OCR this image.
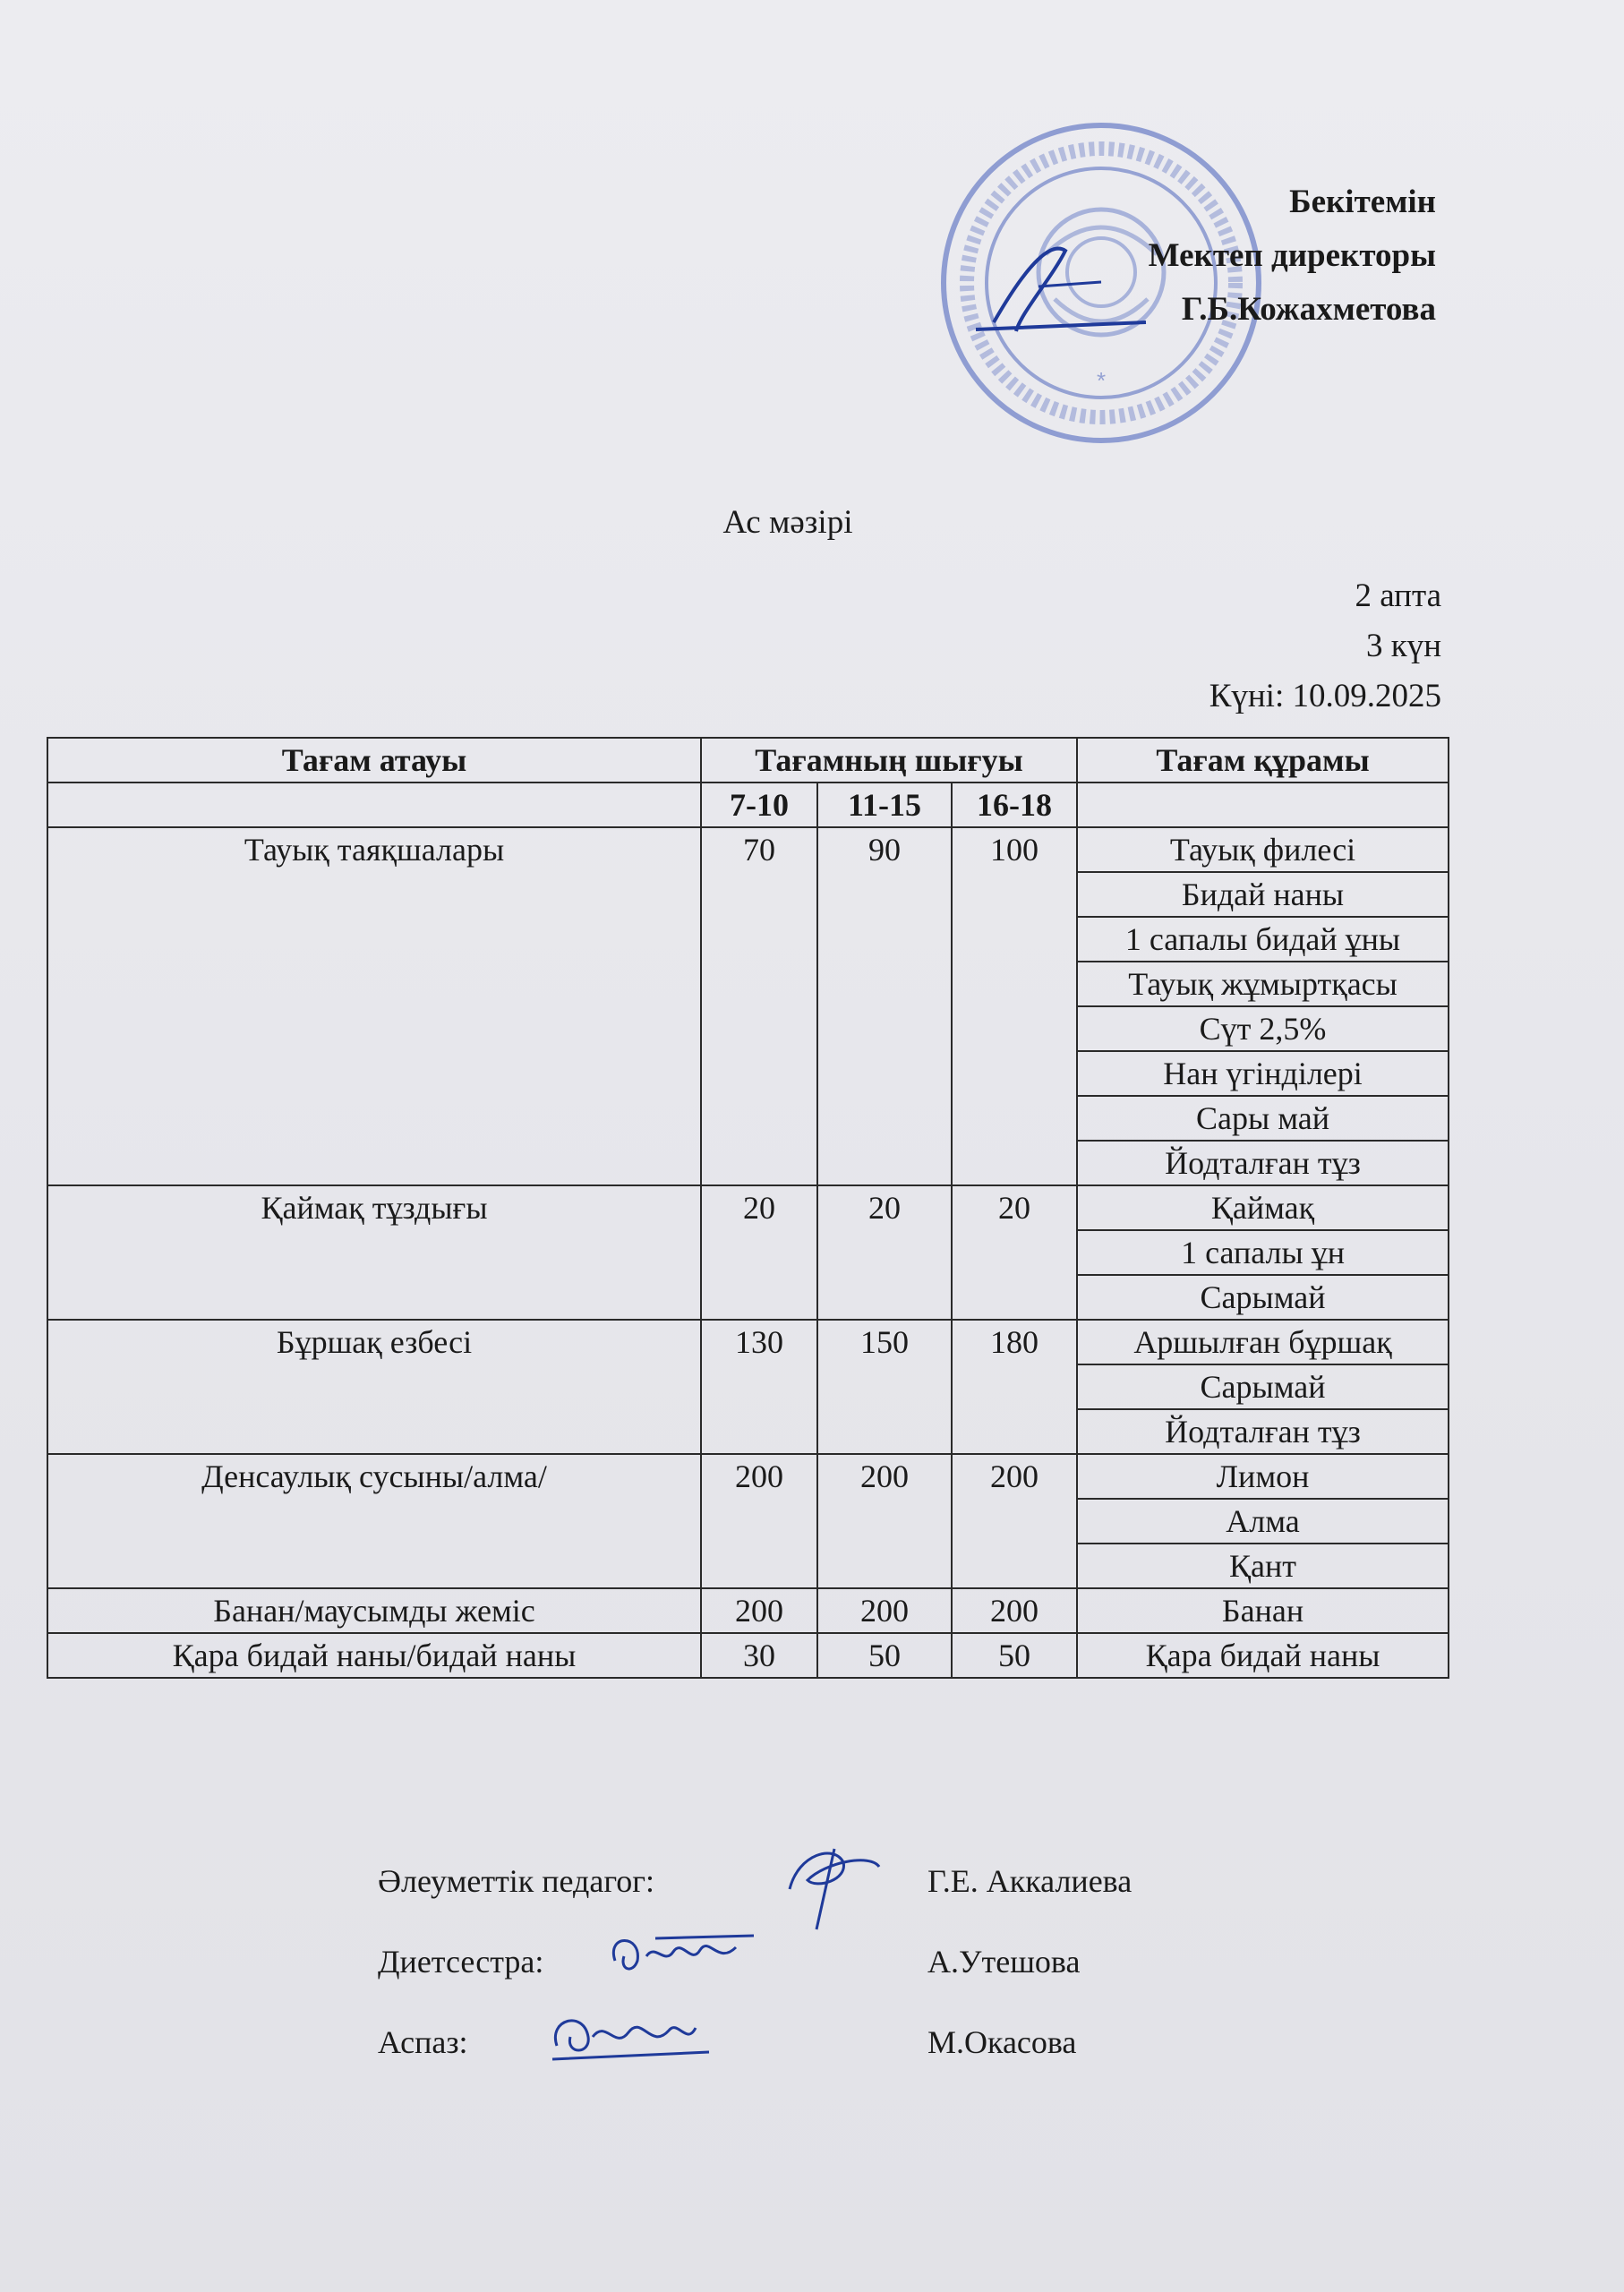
*
Бекітемін
Мектеп директоры
Г.Б.Кожахметова
Ас мәзірі
2 апта
3 күн
Күні: 10.09.2025
Тағам атауы	Тағамның шығуы			Тағам құрамы
	7-10	11-15	16-18	
Тауық таяқшалары	70	90	100	Тауық филесі
				Бидай наны
				1 сапалы бидай ұны
				Тауық жұмыртқасы
				Сүт 2,5%
				Нан үгінділері
				Сары май
				Йодталған тұз
Қаймақ тұздығы	20	20	20	Қаймақ
				1 сапалы ұн
				Сарымай
Бұршақ езбесі	130	150	180	Аршылған бұршақ
				Сарымай
				Йодталған тұз
Денсаулық сусыны/алма/	200	200	200	Лимон
				Алма
				Қант
Банан/маусымды жеміс	200	200	200	Банан
Қара бидай наны/бидай наны	30	50	50	Қара бидай наны
Әлеуметтік педагог:	Г.Е. Аккалиева
Диетсестра:	А.Утешова
Аспаз:	М.Окасова
